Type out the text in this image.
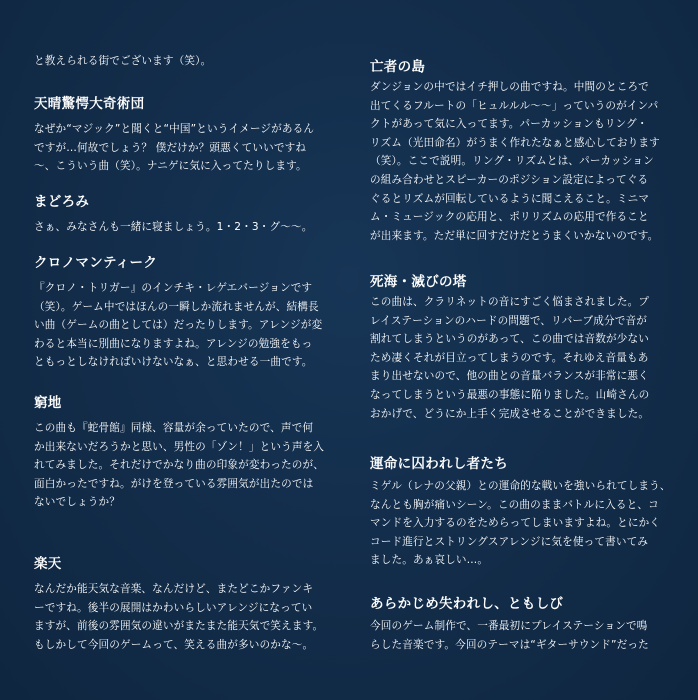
と教えられる街でございます（笑）。

天晴驚愕大奇術団

なぜか“マジック”と聞くと“中国”というイメージがあるん
ですが…何故でしょう？ 僕だけか？頭悪くていいですね
〜、こういう曲（笑）。ナニゲに気に入ってたりします。

まどろみ

さぁ、みなさんも一緒に寝ましょう。1・2・3・グ〜〜。

クロノマンティーク

『クロノ・トリガー』のインチキ・レゲエバージョンです
（笑）。ゲーム中ではほんの一瞬しか流れませんが、結構長
い曲（ゲームの曲としては）だったりします。アレンジが変
わると本当に別曲になりますよね。アレンジの勉強をもっ
ともっとしなければいけないなぁ、と思わせる一曲です。

窮地

この曲も『蛇骨館』同様、容量が余っていたので、声で何
か出来ないだろうかと思い、男性の「ゾン！」という声を入
れてみました。それだけでかなり曲の印象が変わったのが、
面白かったですね。がけを登っている雰囲気が出たのでは
ないでしょうか？

楽天

なんだか能天気な音楽、なんだけど、またどこかファンキ
ーですね。後半の展開はかわいらしいアレンジになってい
ますが、前後の雰囲気の違いがまたまた能天気で笑えます。
もしかして今回のゲームって、笑える曲が多いのかな〜。

亡者の島

ダンジョンの中ではイチ押しの曲ですね。中間のところで
出てくるフルートの「ヒュルルル〜〜」っていうのがインパ
クトがあって気に入ってます。パーカッションもリング・
リズム（光田命名）がうまく作れたなぁと感心しております
（笑）。ここで説明。リング・リズムとは、パーカッション
の組み合わせとスピーカーのポジション設定によってぐる
ぐるとリズムが回転しているように聞こえること。ミニマ
ム・ミュージックの応用と、ポリリズムの応用で作ること
が出来ます。ただ単に回すだけだとうまくいかないのです。

死海・滅びの塔

この曲は、クラリネットの音にすごく悩まされました。プ
レイステーションのハードの問題で、リバーブ成分で音が
割れてしまうというのがあって、この曲では音数が少ない
ため凄くそれが目立ってしまうのです。それゆえ音量もあ
まり出せないので、他の曲との音量バランスが非常に悪く
なってしまうという最悪の事態に陥りました。山崎さんの
おかげで、どうにか上手く完成させることができました。

運命に囚われし者たち

ミゲル（レナの父親）との運命的な戦いを強いられてしまう、
なんとも胸が痛いシーン。この曲のままバトルに入ると、コ
マンドを入力するのをためらってしまいますよね。とにかく
コード進行とストリングスアレンジに気を使って書いてみ
ました。あぁ哀しい…。

あらかじめ失われし、ともしび

今回のゲーム制作で、一番最初にプレイステーションで鳴
らした音楽です。今回のテーマは“ギターサウンド”だった
